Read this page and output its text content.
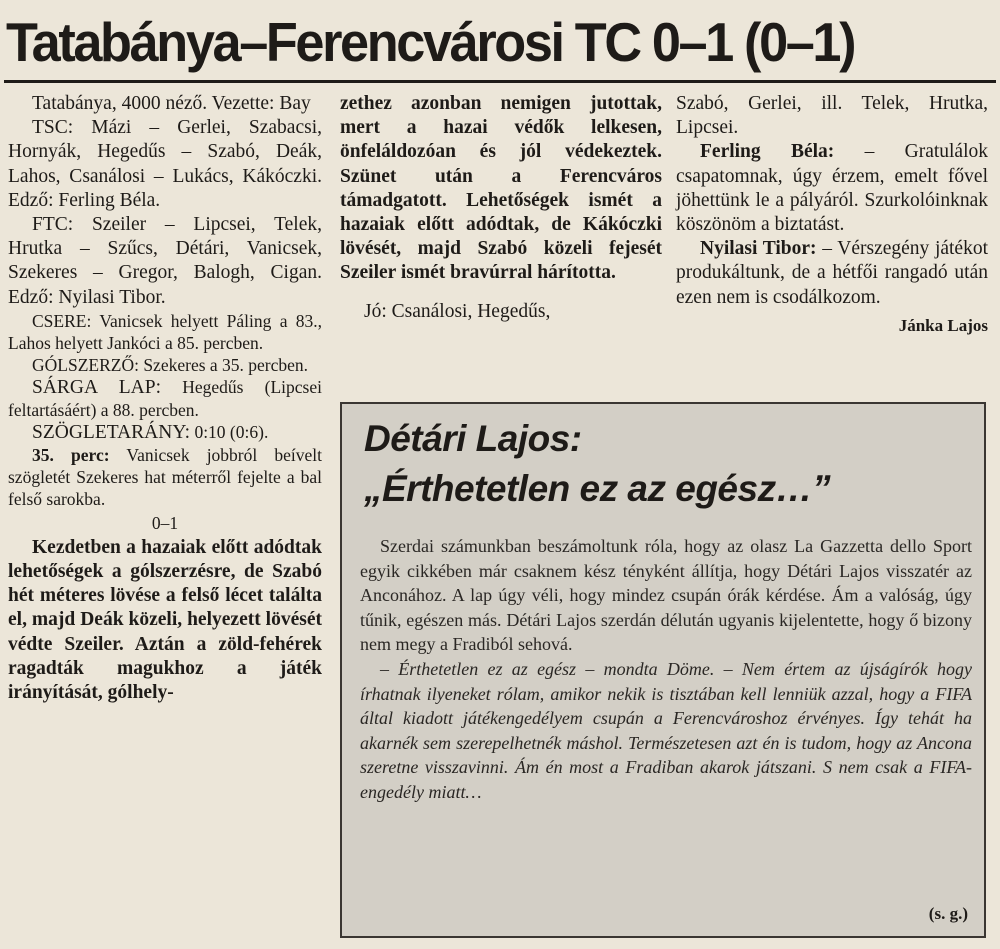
Tatabánya–Ferencvárosi TC 0–1 (0–1)

Tatabánya, 4000 néző. Vezette: Bay

TSC: Mázi – Gerlei, Szabacsi, Hornyák, Hegedűs – Szabó, Deák, Lahos, Csanálosi – Lukács, Kákóczki. Edző: Ferling Béla.

FTC: Szeiler – Lipcsei, Telek, Hrutka – Szűcs, Détári, Vanicsek, Szekeres – Gregor, Balogh, Cigan. Edző: Nyilasi Tibor.

CSERE: Vanicsek helyett Páling a 83., Lahos helyett Jankóci a 85. percben.

GÓLSZERZŐ: Szekeres a 35. percben.

SÁRGA LAP: Hegedűs (Lipcsei feltartásáért) a 88. percben.

SZÖGLETARÁNY: 0:10 (0:6).

35. perc: Vanicsek jobbról beívelt szögletét Szekeres hat méterről fejelte a bal felső sarokba.

0–1

Kezdetben a hazaiak előtt adódtak lehetőségek a gólszerzésre, de Szabó hét méteres lövése a felső lécet találta el, majd Deák közeli, helyezett lövését védte Szeiler. Aztán a zöld-fehérek ragadták magukhoz a játék irányítását, gólhely-

zethez azonban nemigen jutottak, mert a hazai védők lelkesen, önfeláldozóan és jól védekeztek. Szünet után a Ferencváros támadgatott. Lehetőségek ismét a hazaiak előtt adódtak, de Kákóczki lövését, majd Szabó közeli fejesét Szeiler ismét bravúrral hárította.

Jó: Csanálosi, Hegedűs,

Szabó, Gerlei, ill. Telek, Hrutka, Lipcsei.

Ferling Béla: – Gratulálok csapatomnak, úgy érzem, emelt fővel jöhettünk le a pályáról. Szurkolóinknak köszönöm a biztatást.

Nyilasi Tibor: – Vérszegény játékot produkáltunk, de a hétfői rangadó után ezen nem is csodálkozom.

Jánka Lajos

Détári Lajos:
„Érthetetlen ez az egész…”

Szerdai számunkban beszámoltunk róla, hogy az olasz La Gazzetta dello Sport egyik cikkében már csaknem kész tényként állítja, hogy Détári Lajos visszatér az Anconához. A lap úgy véli, hogy mindez csupán órák kérdése. Ám a valóság, úgy tűnik, egészen más. Détári Lajos szerdán délután ugyanis kijelentette, hogy ő bizony nem megy a Fradiból sehová.

– Érthetetlen ez az egész – mondta Döme. – Nem értem az újságírók hogy írhatnak ilyeneket rólam, amikor nekik is tisztában kell lenniük azzal, hogy a FIFA által kiadott játékengedélyem csupán a Ferencvároshoz érvényes. Így tehát ha akarnék sem szerepelhetnék máshol. Természetesen azt én is tudom, hogy az Ancona szeretne visszavinni. Ám én most a Fradiban akarok játszani. S nem csak a FIFA-engedély miatt…

(s. g.)
